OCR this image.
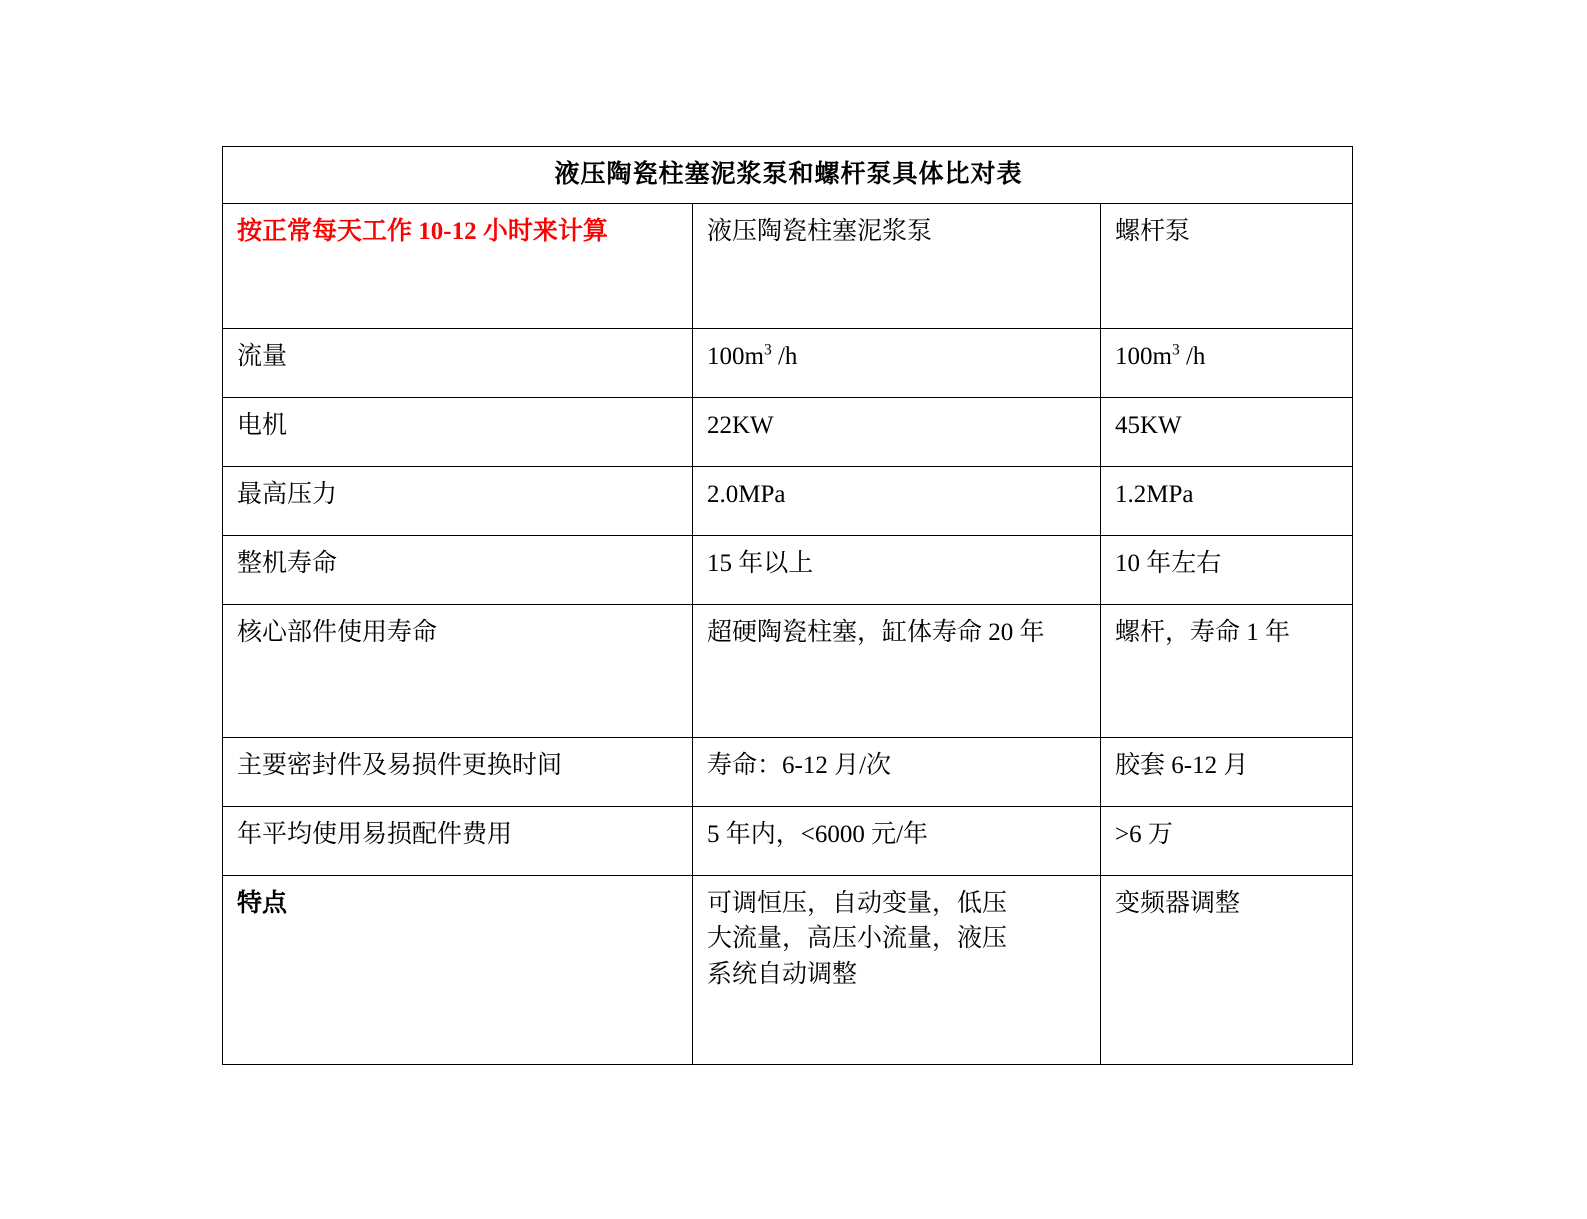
液压陶瓷柱塞泥浆泵和螺杆泵具体比对表		
按正常每天工作 10-12 小时来计算	液压陶瓷柱塞泥浆泵	螺杆泵
流量	$100m^3$ /h	$100m^3$ /h
电机	22KW	45KW
最高压力	2.0MPa	1.2MPa
整机寿命	15 年以上	10 年左右
核心部件使用寿命	超硬陶瓷柱塞，缸体寿命 20 年	螺杆，寿命 1 年
主要密封件及易损件更换时间	寿命：6-12 月/次	胶套 6-12 月
年平均使用易损配件费用	5 年内，<6000 元/年	>6 万
特点	可调恒压，自动变量，低压
大流量，高压小流量，液压
系统自动调整	变频器调整
